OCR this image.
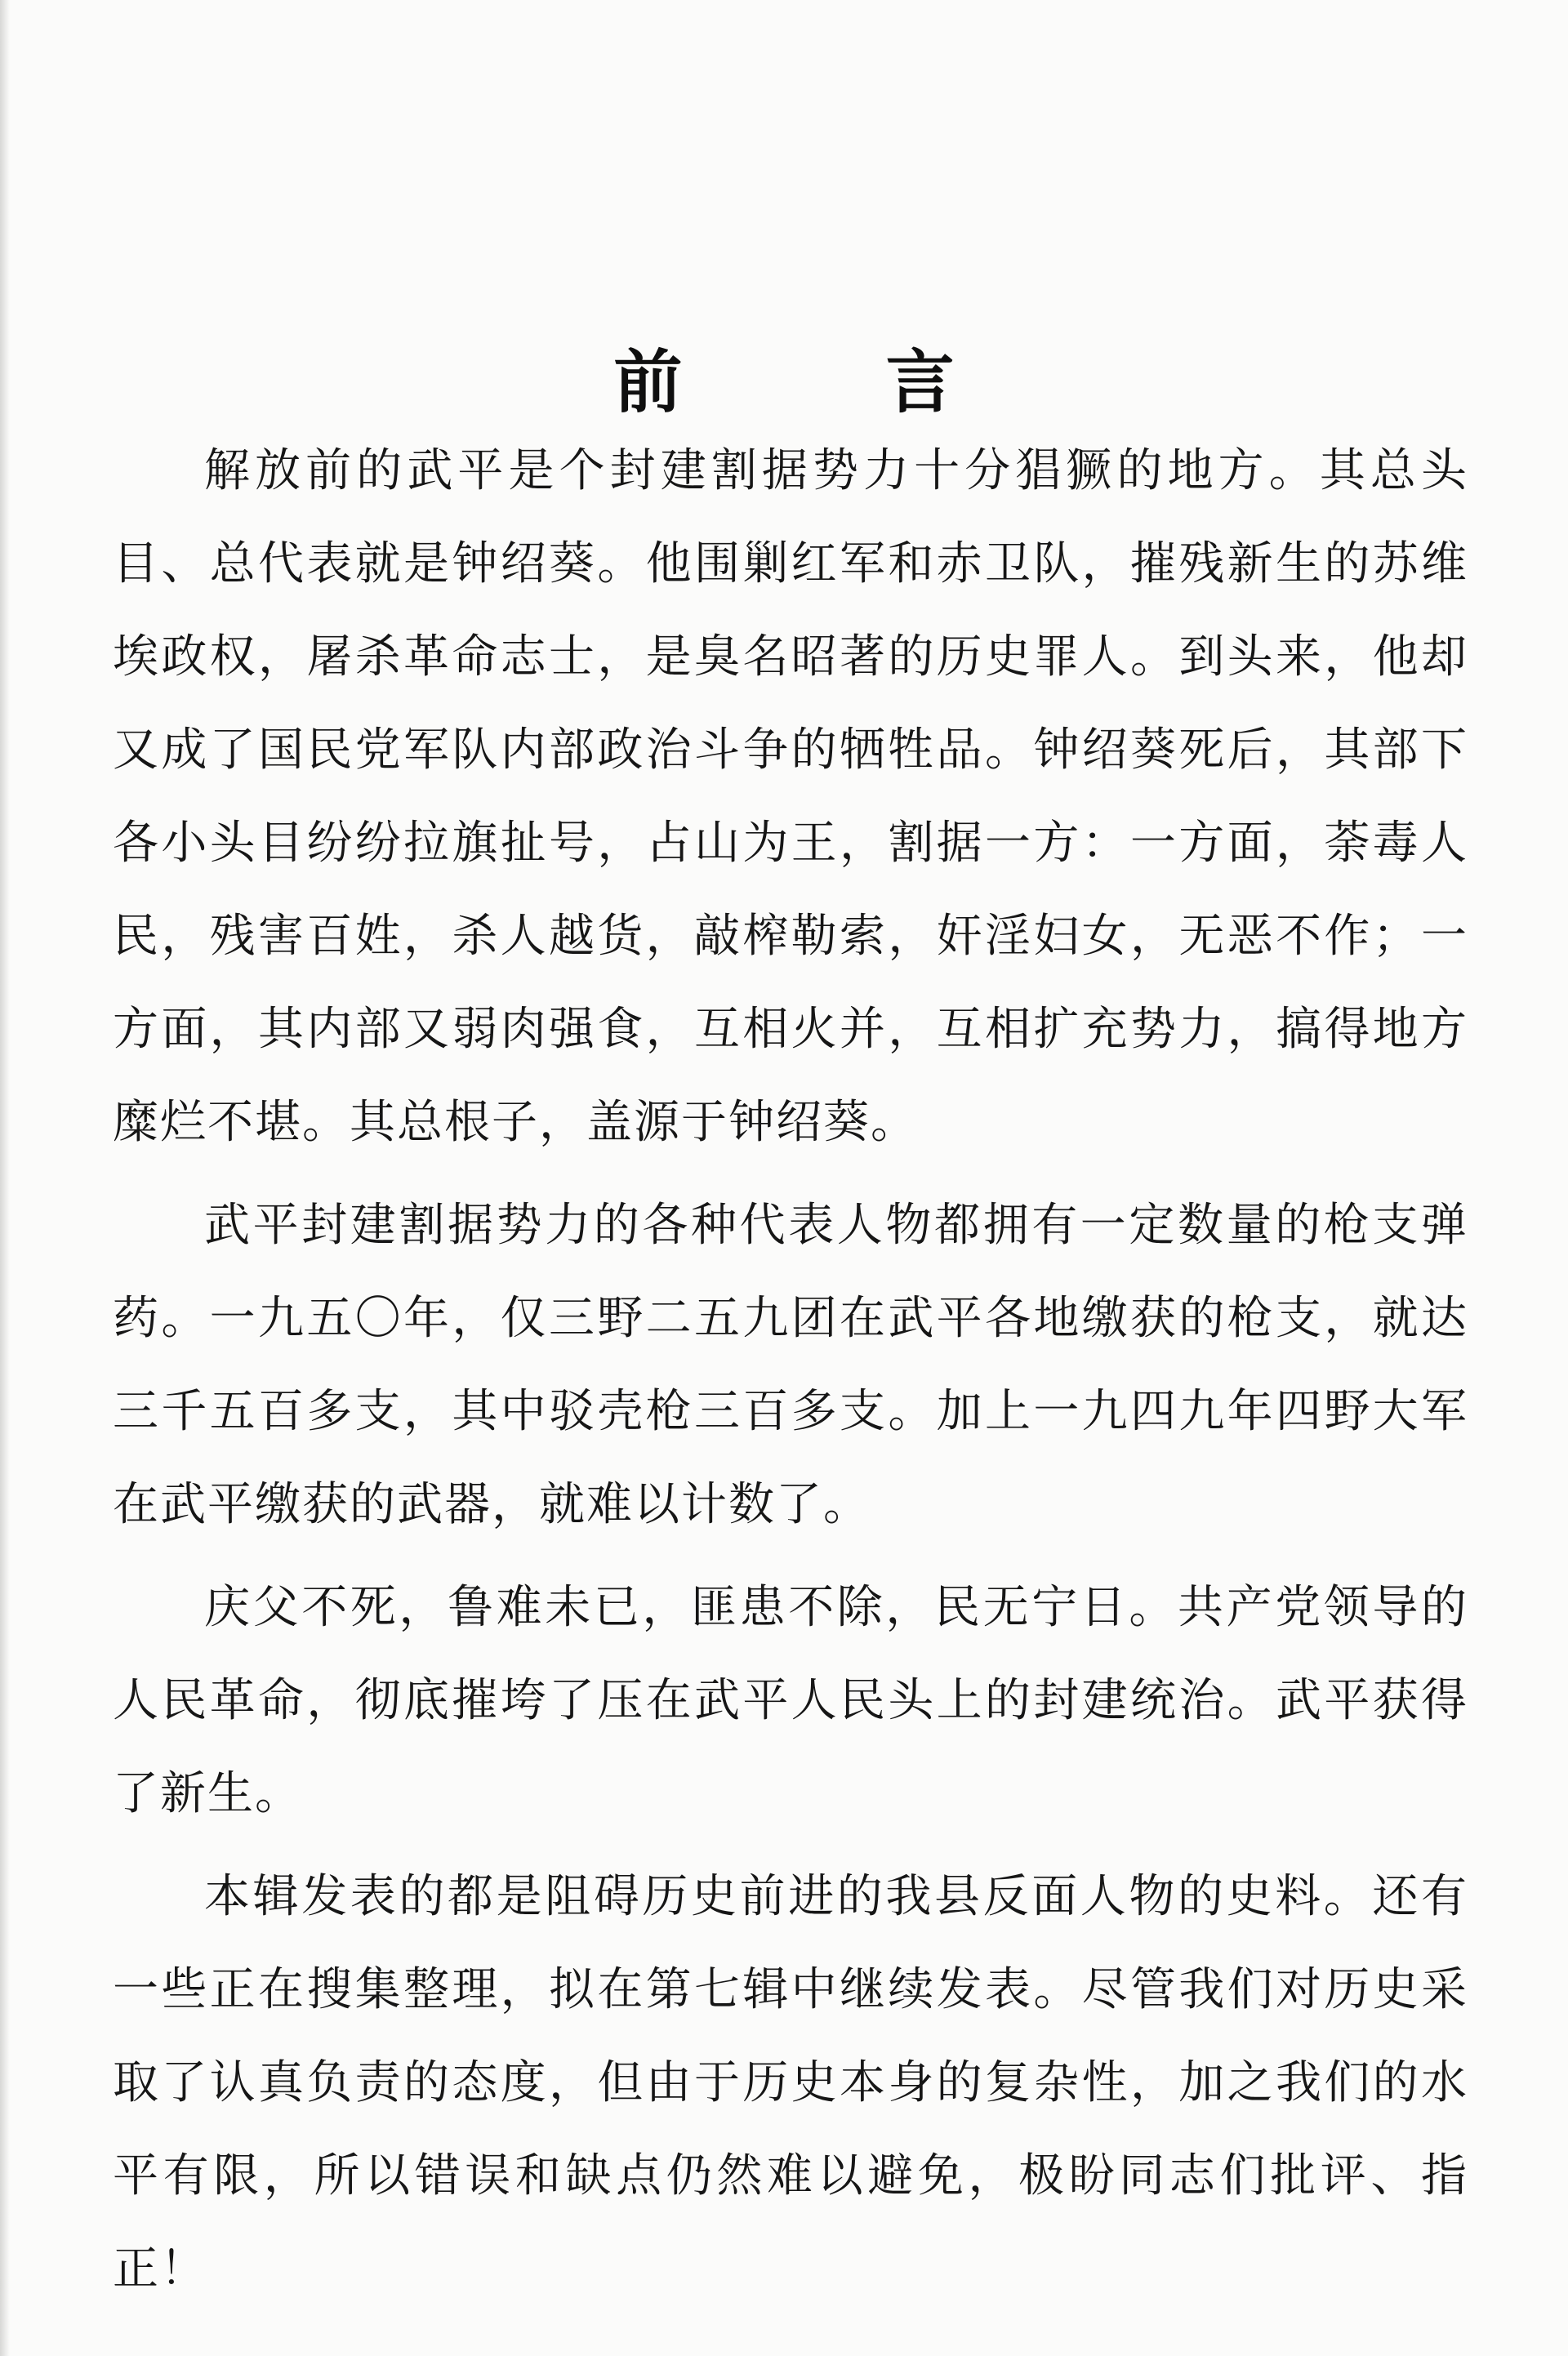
前 言

解放前的武平是个封建割据势力十分猖獗的地方。其总头目、总代表就是钟绍葵。他围剿红军和赤卫队，摧残新生的苏维埃政权，屠杀革命志士，是臭名昭著的历史罪人。到头来，他却又成了国民党军队内部政治斗争的牺牲品。钟绍葵死后，其部下各小头目纷纷拉旗扯号，占山为王，割据一方：一方面，荼毒人民，残害百姓，杀人越货，敲榨勒索，奸淫妇女，无恶不作；一方面，其内部又弱肉强食，互相火并，互相扩充势力，搞得地方糜烂不堪。其总根子，盖源于钟绍葵。

武平封建割据势力的各种代表人物都拥有一定数量的枪支弹药。一九五〇年，仅三野二五九团在武平各地缴获的枪支，就达三千五百多支，其中驳壳枪三百多支。加上一九四九年四野大军在武平缴获的武器，就难以计数了。

庆父不死，鲁难未已，匪患不除，民无宁日。共产党领导的人民革命，彻底摧垮了压在武平人民头上的封建统治。武平获得了新生。

本辑发表的都是阻碍历史前进的我县反面人物的史料。还有一些正在搜集整理，拟在第七辑中继续发表。尽管我们对历史采取了认真负责的态度，但由于历史本身的复杂性，加之我们的水平有限，所以错误和缺点仍然难以避免，极盼同志们批评、指正！
